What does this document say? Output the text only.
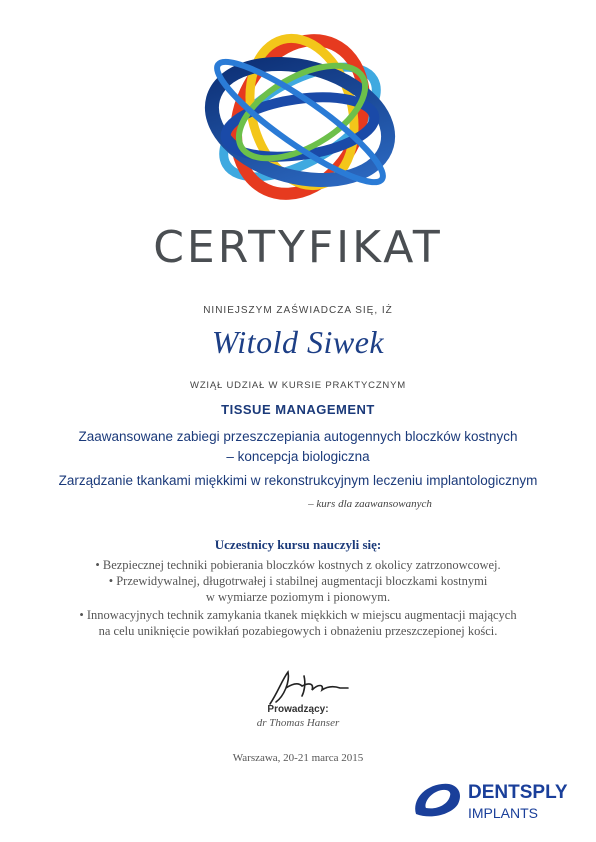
CERTYFIKAT
NINIEJSZYM ZAŚWIADCZA SIĘ, IŻ
Witold Siwek
WZIĄŁ UDZIAŁ W KURSIE PRAKTYCZNYM
TISSUE MANAGEMENT
Zaawansowane zabiegi przeszczepiania autogennych bloczków kostnych
– koncepcja biologiczna
Zarządzanie tkankami miękkimi w rekonstrukcyjnym leczeniu implantologicznym
– kurs dla zaawansowanych
Uczestnicy kursu nauczyli się:
• Bezpiecznej techniki pobierania bloczków kostnych z okolicy zatrzonowcowej.
• Przewidywalnej, długotrwałej i stabilnej augmentacji bloczkami kostnymi
w wymiarze poziomym i pionowym.
• Innowacyjnych technik zamykania tkanek miękkich w miejscu augmentacji mających
na celu uniknięcie powikłań pozabiegowych i obnażeniu przeszczepionej kości.
Prowadzący:
dr Thomas Hanser
Warszawa, 20-21 marca 2015
DENTSPLY
IMPLANTS
